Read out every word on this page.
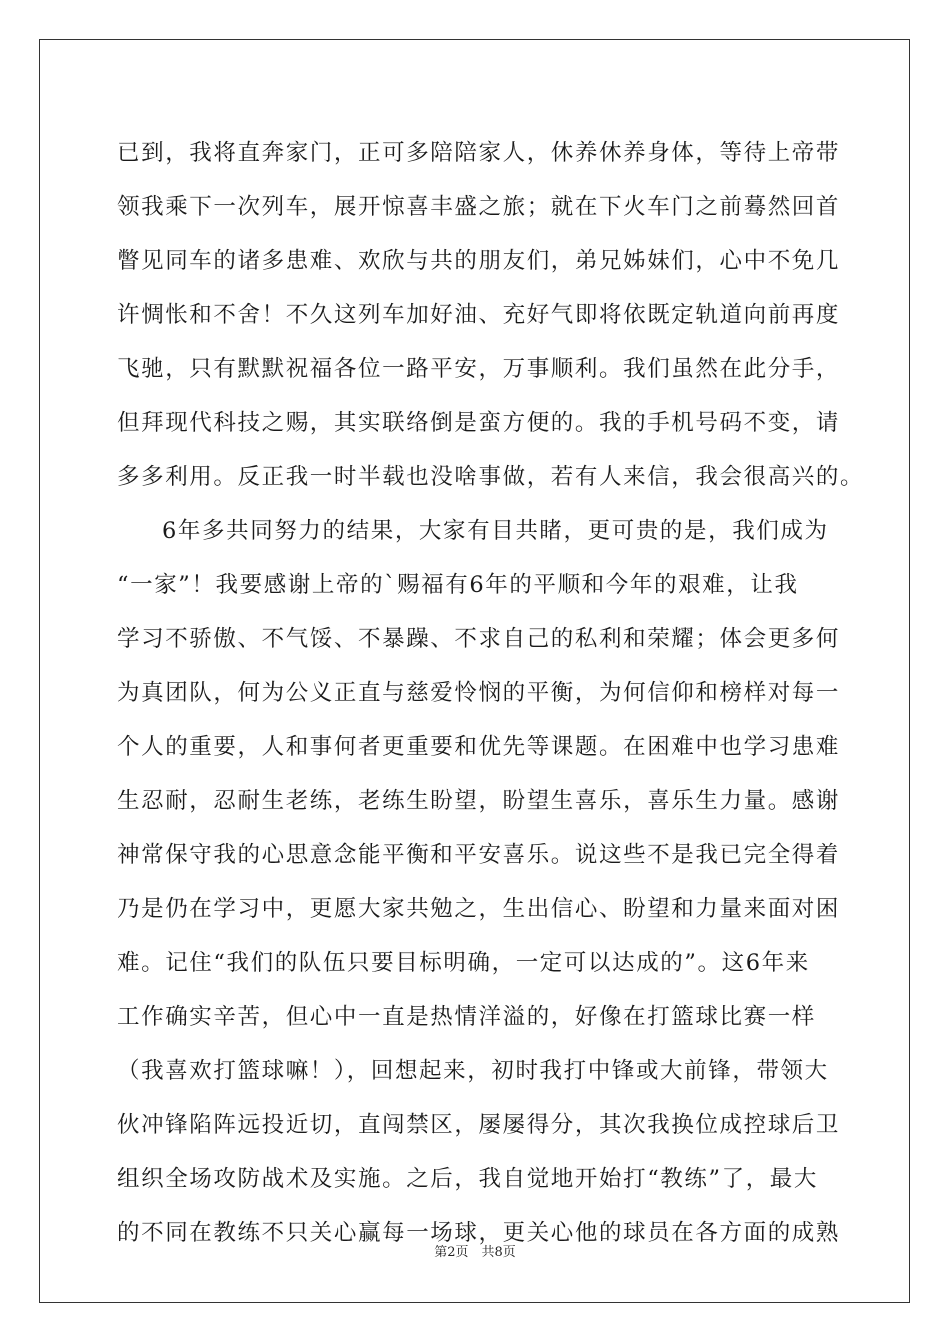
已到，我将直奔家门，正可多陪陪家人，休养休养身体，等待上帝带
领我乘下一次列车，展开惊喜丰盛之旅；就在下火车门之前蓦然回首
瞥见同车的诸多患难、欢欣与共的朋友们，弟兄姊妹们，心中不免几
许惆怅和不舍！不久这列车加好油、充好气即将依既定轨道向前再度
飞驰，只有默默祝福各位一路平安，万事顺利。我们虽然在此分手，
但拜现代科技之赐，其实联络倒是蛮方便的。我的手机号码不变，请
多多利用。反正我一时半载也没啥事做，若有人来信，我会很高兴的。
6年多共同努力的结果，大家有目共睹，更可贵的是，我们成为
“一家”！我要感谢上帝的`赐福有6年的平顺和今年的艰难，让我
学习不骄傲、不气馁、不暴躁、不求自己的私利和荣耀；体会更多何
为真团队，何为公义正直与慈爱怜悯的平衡，为何信仰和榜样对每一
个人的重要，人和事何者更重要和优先等课题。在困难中也学习患难
生忍耐，忍耐生老练，老练生盼望，盼望生喜乐，喜乐生力量。感谢
神常保守我的心思意念能平衡和平安喜乐。说这些不是我已完全得着
乃是仍在学习中，更愿大家共勉之，生出信心、盼望和力量来面对困
难。记住“我们的队伍只要目标明确，一定可以达成的”。这6年来
工作确实辛苦，但心中一直是热情洋溢的，好像在打篮球比赛一样
（我喜欢打篮球嘛！），回想起来，初时我打中锋或大前锋，带领大
伙冲锋陷阵远投近切，直闯禁区，屡屡得分，其次我换位成控球后卫
组织全场攻防战术及实施。之后，我自觉地开始打“教练”了，最大
的不同在教练不只关心赢每一场球，更关心他的球员在各方面的成熟
第2页　共8页
